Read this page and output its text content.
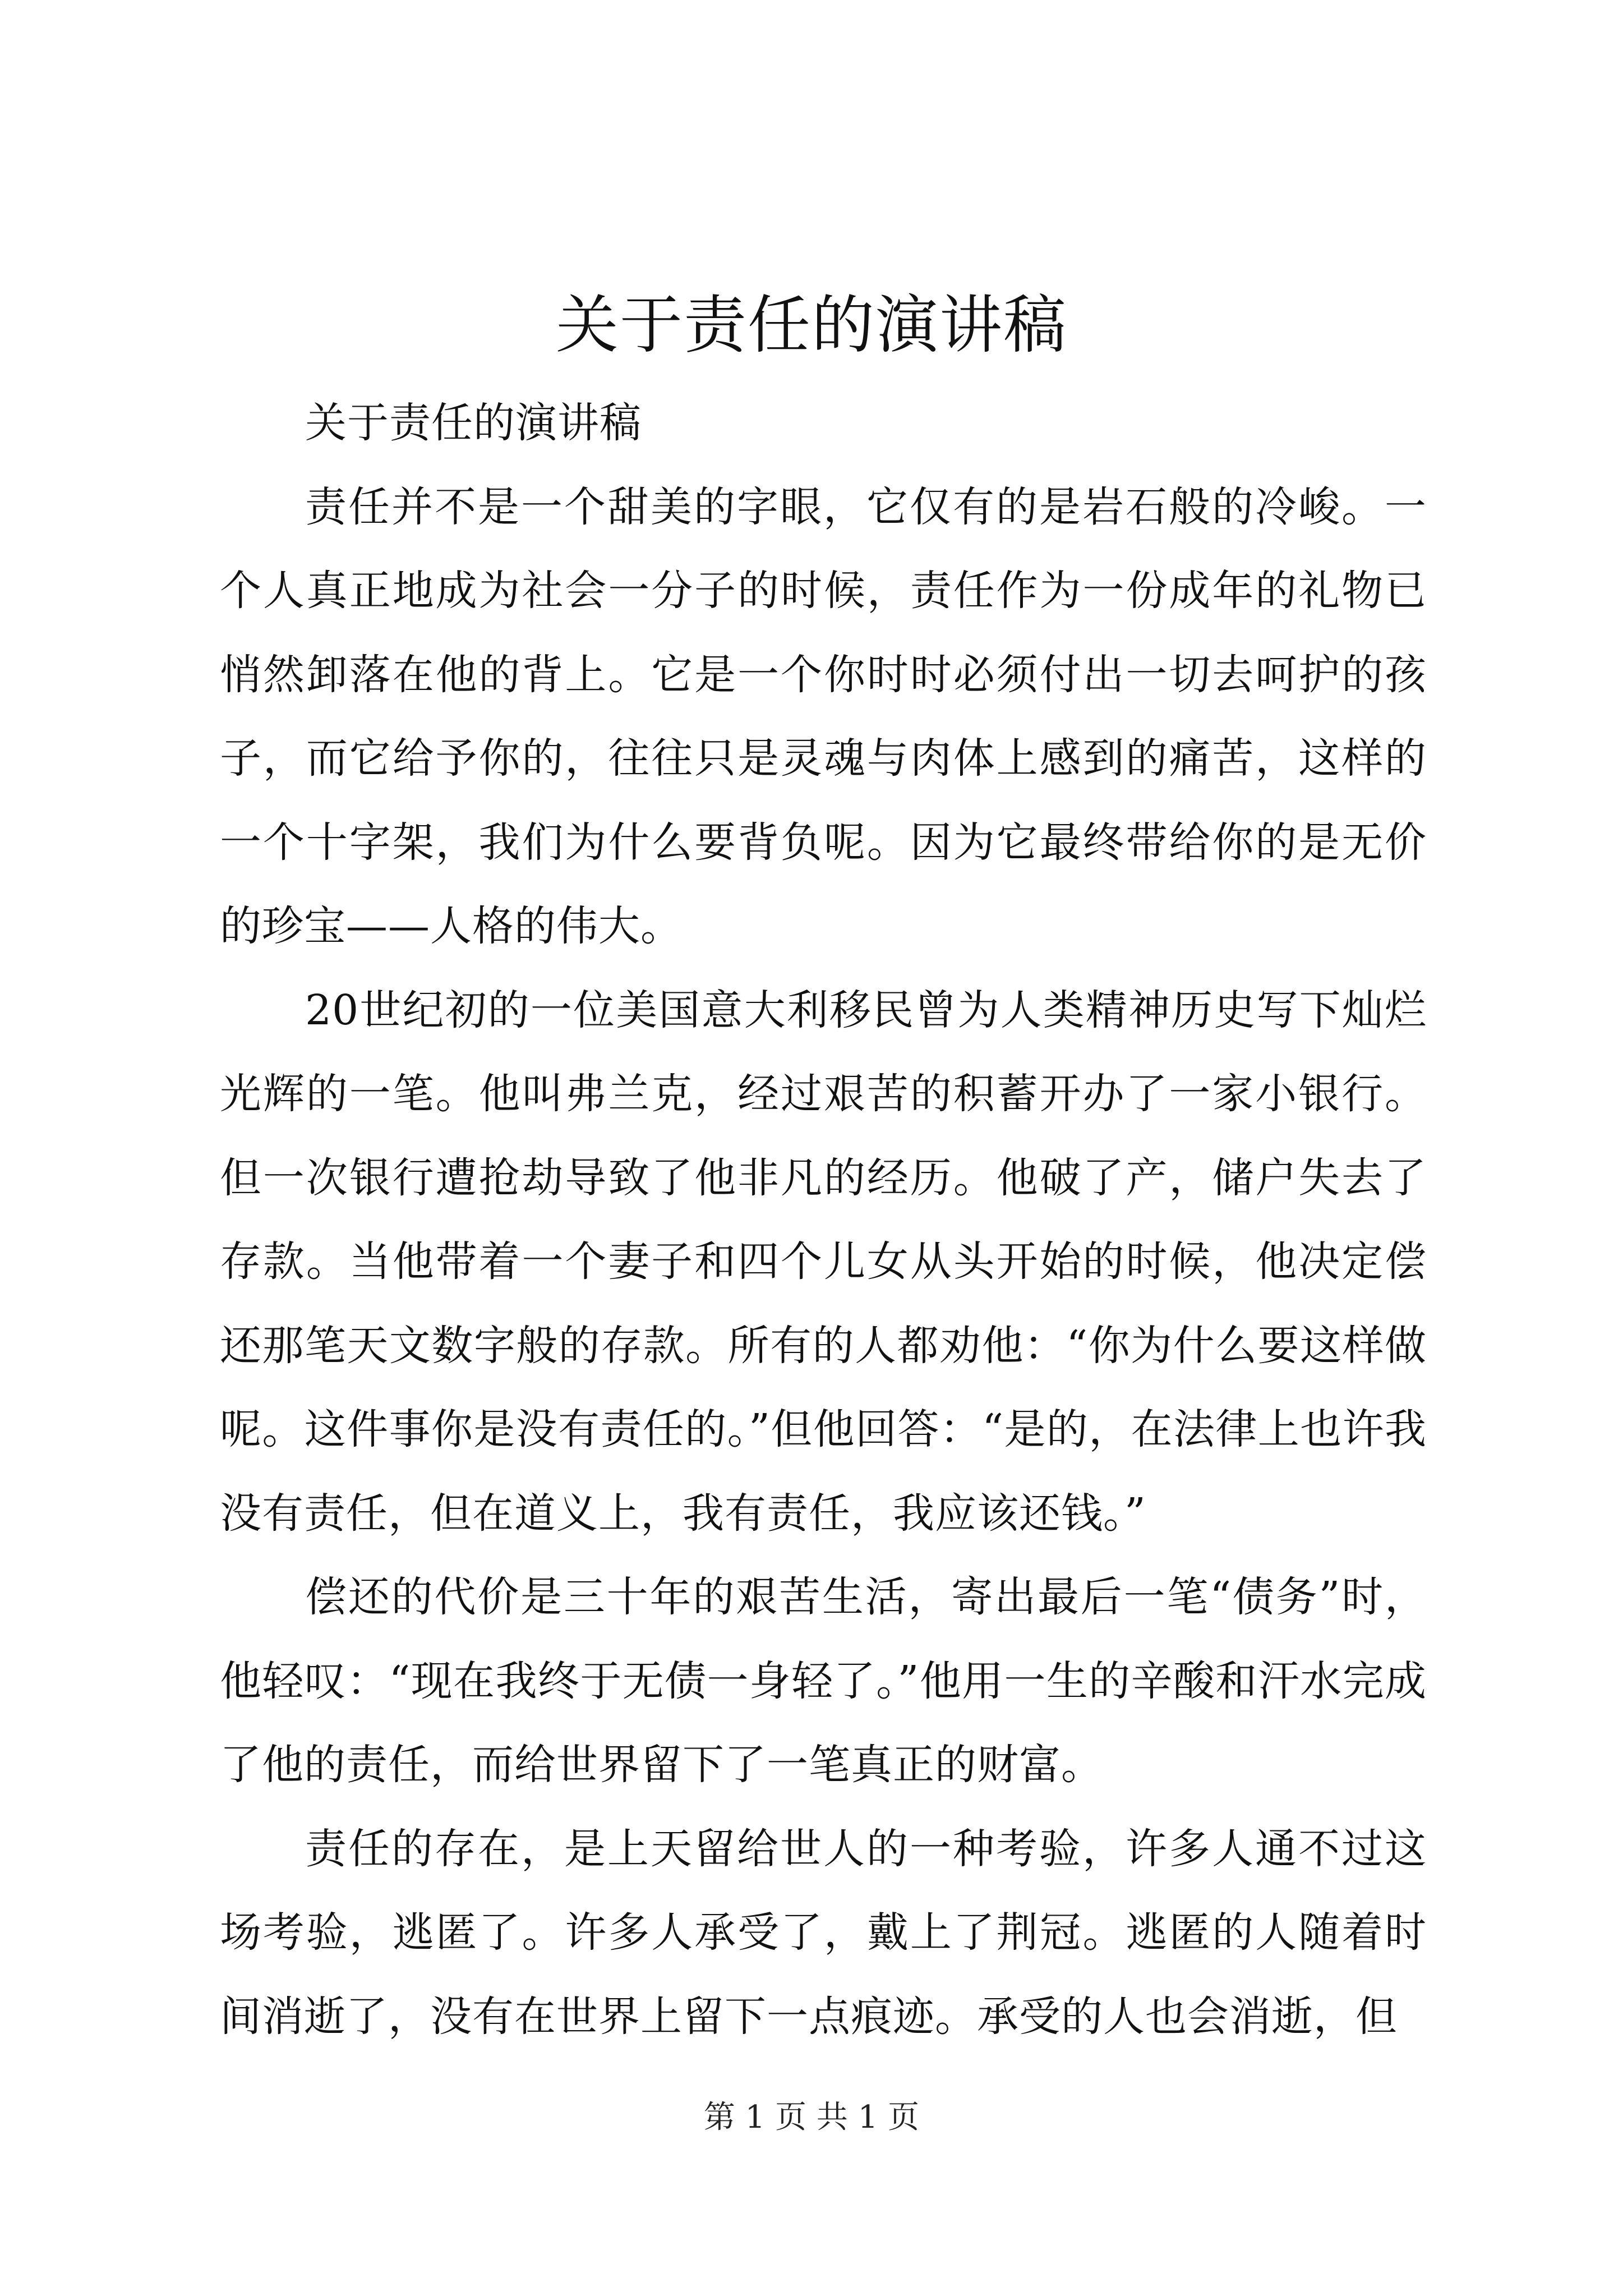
关于责任的演讲稿

关于责任的演讲稿

责任并不是一个甜美的字眼，它仅有的是岩石般的冷峻。一个人真正地成为社会一分子的时候，责任作为一份成年的礼物已悄然卸落在他的背上。它是一个你时时必须付出一切去呵护的孩子，而它给予你的，往往只是灵魂与肉体上感到的痛苦，这样的一个十字架，我们为什么要背负呢。因为它最终带给你的是无价的珍宝——人格的伟大。

20世纪初的一位美国意大利移民曾为人类精神历史写下灿烂光辉的一笔。他叫弗兰克，经过艰苦的积蓄开办了一家小银行。但一次银行遭抢劫导致了他非凡的经历。他破了产，储户失去了存款。当他带着一个妻子和四个儿女从头开始的时候，他决定偿还那笔天文数字般的存款。所有的人都劝他：“你为什么要这样做呢。这件事你是没有责任的。”但他回答：“是的，在法律上也许我没有责任，但在道义上，我有责任，我应该还钱。”

偿还的代价是三十年的艰苦生活，寄出最后一笔“债务”时，他轻叹：“现在我终于无债一身轻了。”他用一生的辛酸和汗水完成了他的责任，而给世界留下了一笔真正的财富。

责任的存在，是上天留给世人的一种考验，许多人通不过这场考验，逃匿了。许多人承受了，戴上了荆冠。逃匿的人随着时间消逝了，没有在世界上留下一点痕迹。承受的人也会消逝，但

第 1 页 共 1 页
